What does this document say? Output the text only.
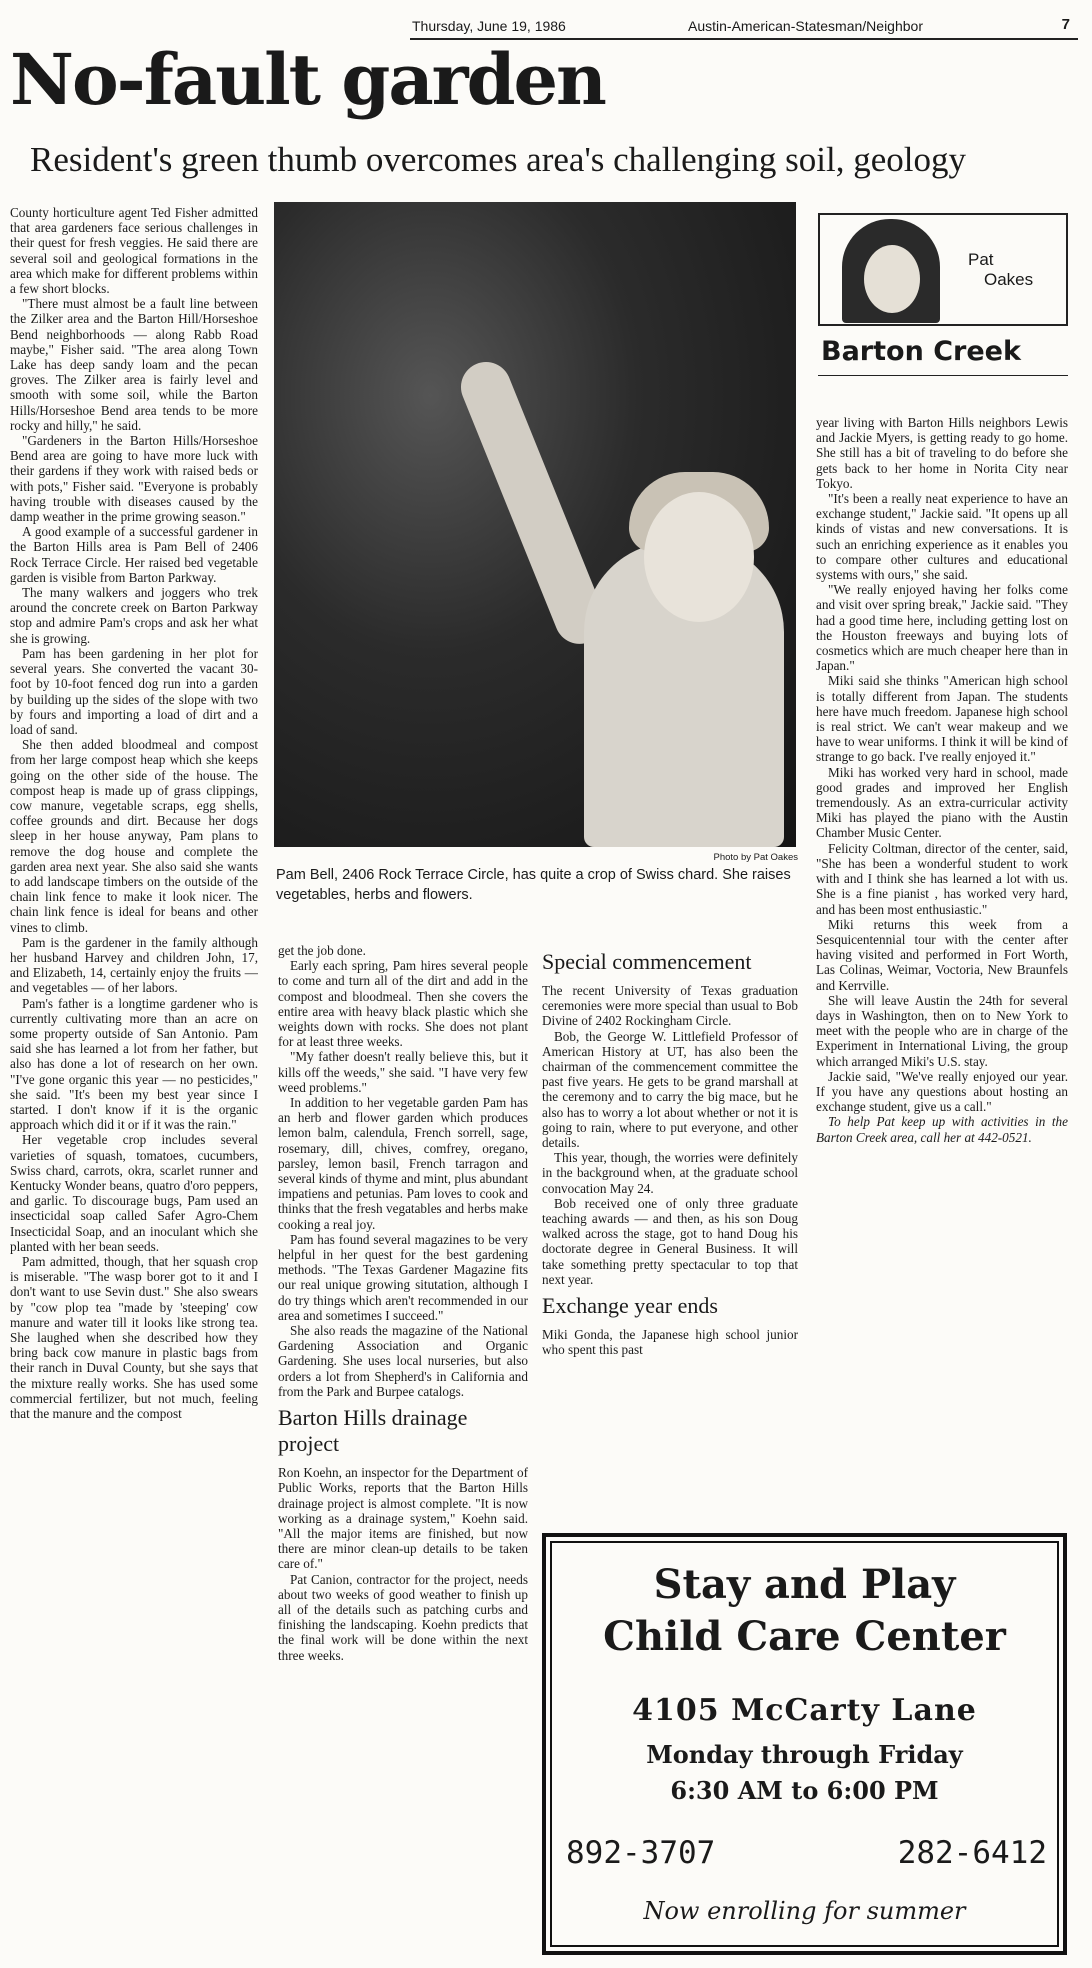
Thursday, June 19, 1986	Austin-American-Statesman/Neighbor	7
No-fault garden
Resident's green thumb overcomes area's challenging soil, geology

County horticulture agent Ted Fisher admitted that area gardeners face serious challenges in their quest for fresh veggies. He said there are several soil and geological formations in the area which make for different problems within a few short blocks.

"There must almost be a fault line between the Zilker area and the Barton Hill/Horseshoe Bend neighborhoods — along Rabb Road maybe," Fisher said. "The area along Town Lake has deep sandy loam and the pecan groves. The Zilker area is fairly level and smooth with some soil, while the Barton Hills/Horseshoe Bend area tends to be more rocky and hilly," he said.

"Gardeners in the Barton Hills/Horseshoe Bend area are going to have more luck with their gardens if they work with raised beds or with pots," Fisher said. "Everyone is probably having trouble with diseases caused by the damp weather in the prime growing season."

A good example of a successful gardener in the Barton Hills area is Pam Bell of 2406 Rock Terrace Circle. Her raised bed vegetable garden is visible from Barton Parkway.

The many walkers and joggers who trek around the concrete creek on Barton Parkway stop and admire Pam's crops and ask her what she is growing.

Pam has been gardening in her plot for several years. She converted the vacant 30-foot by 10-foot fenced dog run into a garden by building up the sides of the slope with two by fours and importing a load of dirt and a load of sand.

She then added bloodmeal and compost from her large compost heap which she keeps going on the other side of the house. The compost heap is made up of grass clippings, cow manure, vegetable scraps, egg shells, coffee grounds and dirt. Because her dogs sleep in her house anyway, Pam plans to remove the dog house and complete the garden area next year. She also said she wants to add landscape timbers on the outside of the chain link fence to make it look nicer. The chain link fence is ideal for beans and other vines to climb.

Pam is the gardener in the family although her husband Harvey and children John, 17, and Elizabeth, 14, certainly enjoy the fruits — and vegetables — of her labors.

Pam's father is a longtime gardener who is currently cultivating more than an acre on some property outside of San Antonio. Pam said she has learned a lot from her father, but also has done a lot of research on her own. "I've gone organic this year — no pesticides," she said. "It's been my best year since I started. I don't know if it is the organic approach which did it or if it was the rain."

Her vegetable crop includes several varieties of squash, tomatoes, cucumbers, Swiss chard, carrots, okra, scarlet runner and Kentucky Wonder beans, quatro d'oro peppers, and garlic. To discourage bugs, Pam used an insecticidal soap called Safer Agro-Chem Insecticidal Soap, and an inoculant which she planted with her bean seeds.

Pam admitted, though, that her squash crop is miserable. "The wasp borer got to it and I don't want to use Sevin dust." She also swears by "cow plop tea "made by 'steeping' cow manure and water till it looks like strong tea. She laughed when she described how they bring back cow manure in plastic bags from their ranch in Duval County, but she says that the mixture really works. She has used some commercial fertilizer, but not much, feeling that the manure and the compost

Photo by Pat Oakes
Pam Bell, 2406 Rock Terrace Circle, has quite a crop of Swiss chard. She raises vegetables, herbs and flowers.

get the job done.

Early each spring, Pam hires several people to come and turn all of the dirt and add in the compost and bloodmeal. Then she covers the entire area with heavy black plastic which she weights down with rocks. She does not plant for at least three weeks.

"My father doesn't really believe this, but it kills off the weeds," she said. "I have very few weed problems."

In addition to her vegetable garden Pam has an herb and flower garden which produces lemon balm, calendula, French sorrell, sage, rosemary, dill, chives, comfrey, oregano, parsley, lemon basil, French tarragon and several kinds of thyme and mint, plus abundant impatiens and petunias. Pam loves to cook and thinks that the fresh vegatables and herbs make cooking a real joy.

Pam has found several magazines to be very helpful in her quest for the best gardening methods. "The Texas Gardener Magazine fits our real unique growing situtation, although I do try things which aren't recommended in our area and sometimes I succeed."

She also reads the magazine of the National Gardening Association and Organic Gardening. She uses local nurseries, but also orders a lot from Shepherd's in California and from the Park and Burpee catalogs.

Barton Hills drainage project

Ron Koehn, an inspector for the Department of Public Works, reports that the Barton Hills drainage project is almost complete. "It is now working as a drainage system," Koehn said. "All the major items are finished, but now there are minor clean-up details to be taken care of."

Pat Canion, contractor for the project, needs about two weeks of good weather to finish up all of the details such as patching curbs and finishing the landscaping. Koehn predicts that the final work will be done within the next three weeks.

Special commencement

The recent University of Texas graduation ceremonies were more special than usual to Bob Divine of 2402 Rockingham Circle.

Bob, the George W. Littlefield Professor of American History at UT, has also been the chairman of the commencement committee the past five years. He gets to be grand marshall at the ceremony and to carry the big mace, but he also has to worry a lot about whether or not it is going to rain, where to put everyone, and other details.

This year, though, the worries were definitely in the background when, at the graduate school convocation May 24.

Bob received one of only three graduate teaching awards — and then, as his son Doug walked across the stage, got to hand Doug his doctorate degree in General Business. It will take something pretty spectacular to top that next year.

Exchange year ends

Miki Gonda, the Japanese high school junior who spent this past

Pat
Oakes
Barton Creek

year living with Barton Hills neighbors Lewis and Jackie Myers, is getting ready to go home. She still has a bit of traveling to do before she gets back to her home in Norita City near Tokyo.

"It's been a really neat experience to have an exchange student," Jackie said. "It opens up all kinds of vistas and new conversations. It is such an enriching experience as it enables you to compare other cultures and educational systems with ours," she said.

"We really enjoyed having her folks come and visit over spring break," Jackie said. "They had a good time here, including getting lost on the Houston freeways and buying lots of cosmetics which are much cheaper here than in Japan."

Miki said she thinks "American high school is totally different from Japan. The students here have much freedom. Japanese high school is real strict. We can't wear makeup and we have to wear uniforms. I think it will be kind of strange to go back. I've really enjoyed it."

Miki has worked very hard in school, made good grades and improved her English tremendously. As an extra-curricular activity Miki has played the piano with the Austin Chamber Music Center.

Felicity Coltman, director of the center, said, "She has been a wonderful student to work with and I think she has learned a lot with us. She is a fine pianist , has worked very hard, and has been most enthusiastic."

Miki returns this week from a Sesquicentennial tour with the center after having visited and performed in Fort Worth, Las Colinas, Weimar, Voctoria, New Braunfels and Kerrville.

She will leave Austin the 24th for several days in Washington, then on to New York to meet with the people who are in charge of the Experiment in International Living, the group which arranged Miki's U.S. stay.

Jackie said, "We've really enjoyed our year. If you have any questions about hosting an exchange student, give us a call."

To help Pat keep up with activities in the Barton Creek area, call her at 442-0521.

Stay and Play
Child Care Center
4105 McCarty Lane
Monday through Friday
6:30 AM to 6:00 PM
892-3707	282-6412
Now enrolling for summer
